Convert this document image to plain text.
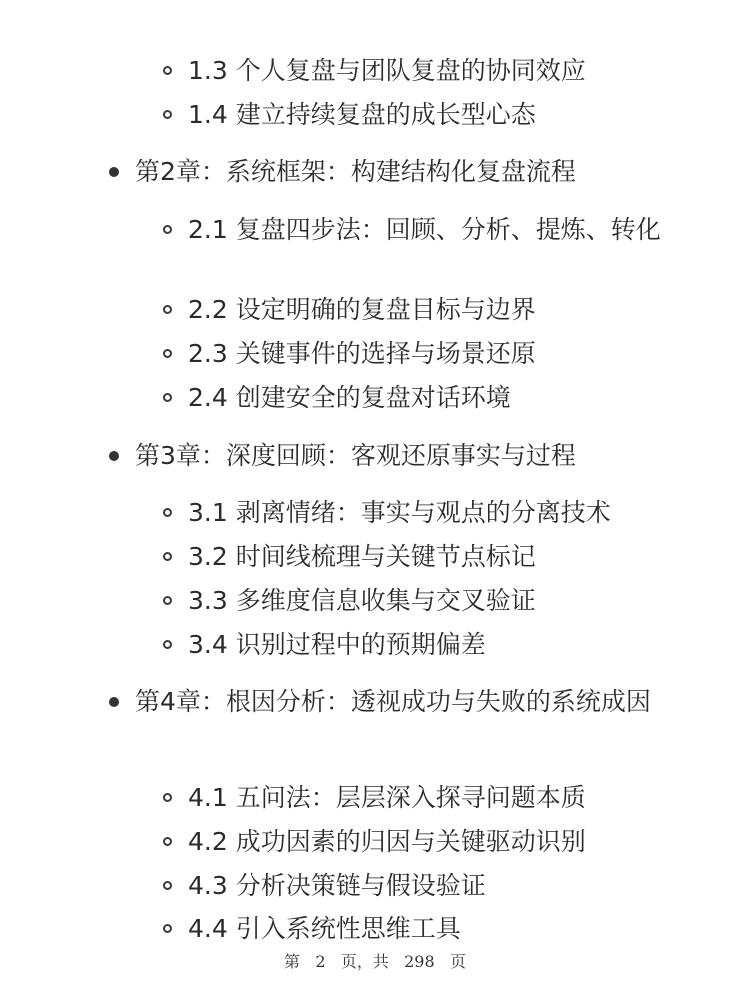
1.3 个人复盘与团队复盘的协同效应
1.4 建立持续复盘的成长型心态
第2章：系统框架：构建结构化复盘流程
2.1 复盘四步法：回顾、分析、提炼、转化
2.2 设定明确的复盘目标与边界
2.3 关键事件的选择与场景还原
2.4 创建安全的复盘对话环境
第3章：深度回顾：客观还原事实与过程
3.1 剥离情绪：事实与观点的分离技术
3.2 时间线梳理与关键节点标记
3.3 多维度信息收集与交叉验证
3.4 识别过程中的预期偏差
第4章：根因分析：透视成功与失败的系统成因
4.1 五问法：层层深入探寻问题本质
4.2 成功因素的归因与关键驱动识别
4.3 分析决策链与假设验证
4.4 引入系统性思维工具
第 2 页，共 298 页
